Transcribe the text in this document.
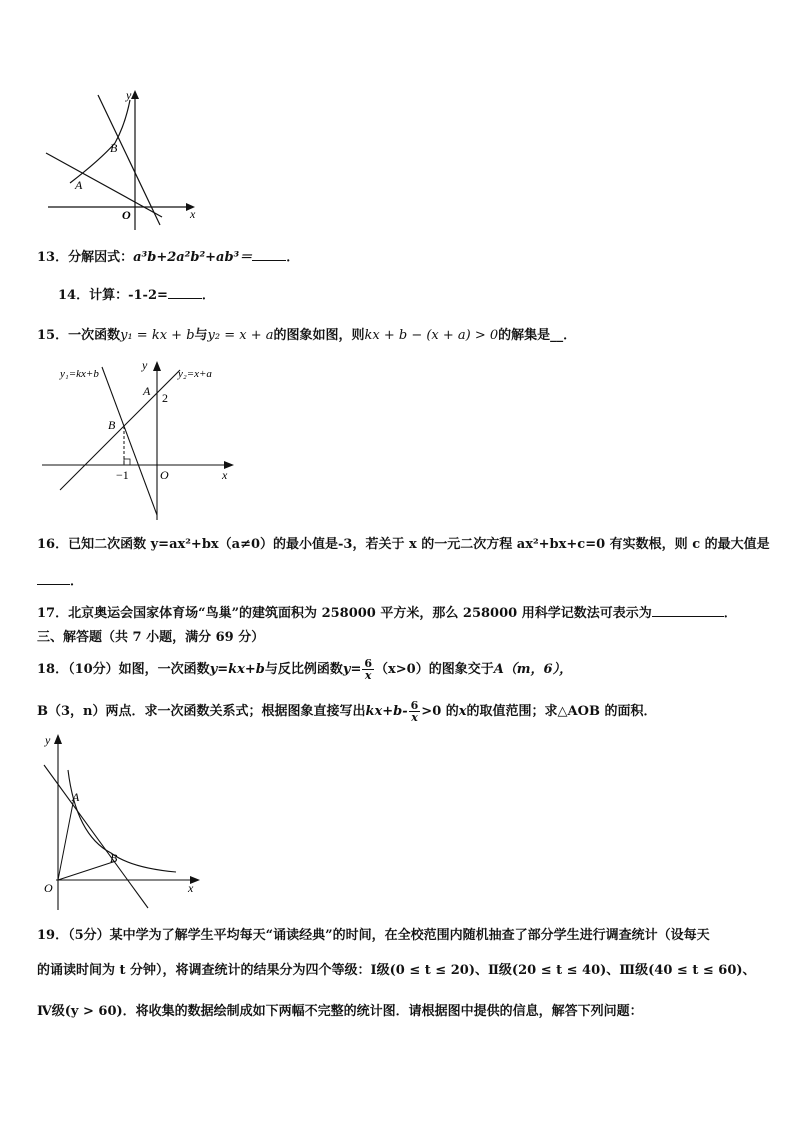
y
x
O
A
B
13．分解因式：a³b+2a²b²+ab³＝	．
14．计算：-1-2=	．
15．一次函数y₁ = kx + b与y₂ = x + a的图象如图，则kx + b − (x + a) > 0的解集是__．
y₁=kx+b	y₂=x+a
y
x
A 2
B
O
−1
16．已知二次函数 y=ax²+bx（a≠0）的最小值是-3，若关于 x 的一元二次方程 ax²+bx+c=0 有实数根，则 c 的最大值是
．
17．北京奥运会国家体育场“鸟巢”的建筑面积为 258000 平方米，那么 258000 用科学记数法可表示为	．
三、解答题（共 7 小题，满分 69 分）
18．（10分）如图，一次函数y=kx+b与反比例函数$y= \frac{6}{x} (x>0)$的图象交于A（m，6），
B（3，n）两点．求一次函数关系式；根据图象直接写出$kx+b- \frac{6}{x} >0$ 的x的取值范围；求△AOB 的面积．
y
x
O
A
B
19．（5分）某中学为了解学生平均每天“诵读经典”的时间，在全校范围内随机抽查了部分学生进行调查统计（设每天
的诵读时间为 t 分钟），将调查统计的结果分为四个等级：Ⅰ级(0 ≤ t ≤ 20)、Ⅱ级(20 ≤ t ≤ 40)、Ⅲ级(40 ≤ t ≤ 60)、
Ⅳ级(y > 60)．将收集的数据绘制成如下两幅不完整的统计图．请根据图中提供的信息，解答下列问题：
